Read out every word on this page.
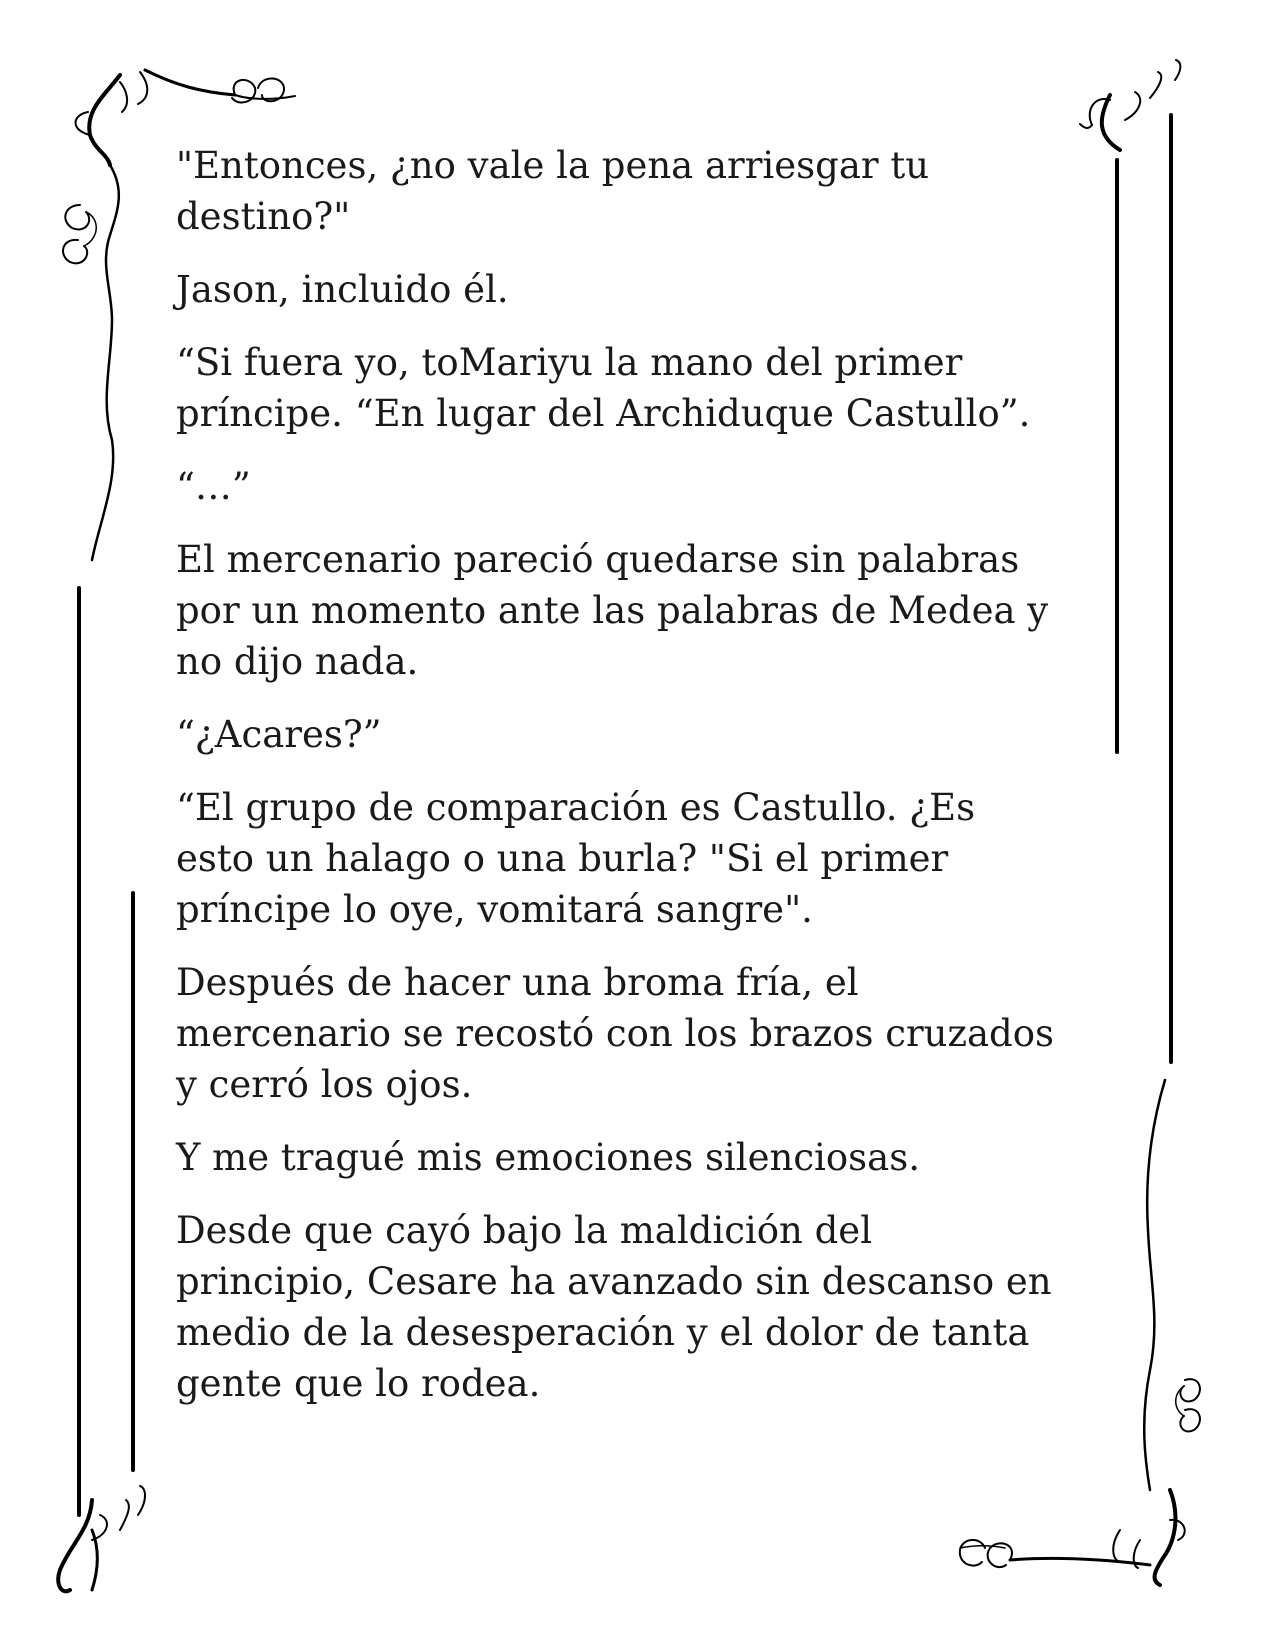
"Entonces, ¿no vale la pena arriesgar tu
destino?"

Jason, incluido él.

“Si fuera yo, toMariyu la mano del primer
príncipe. “En lugar del Archiduque Castullo”.

“…”

El mercenario pareció quedarse sin palabras
por un momento ante las palabras de Medea y
no dijo nada.

“¿Acares?”

“El grupo de comparación es Castullo. ¿Es
esto un halago o una burla? "Si el primer
príncipe lo oye, vomitará sangre".

Después de hacer una broma fría, el
mercenario se recostó con los brazos cruzados
y cerró los ojos.

Y me tragué mis emociones silenciosas.

Desde que cayó bajo la maldición del
principio, Cesare ha avanzado sin descanso en
medio de la desesperación y el dolor de tanta
gente que lo rodea.
